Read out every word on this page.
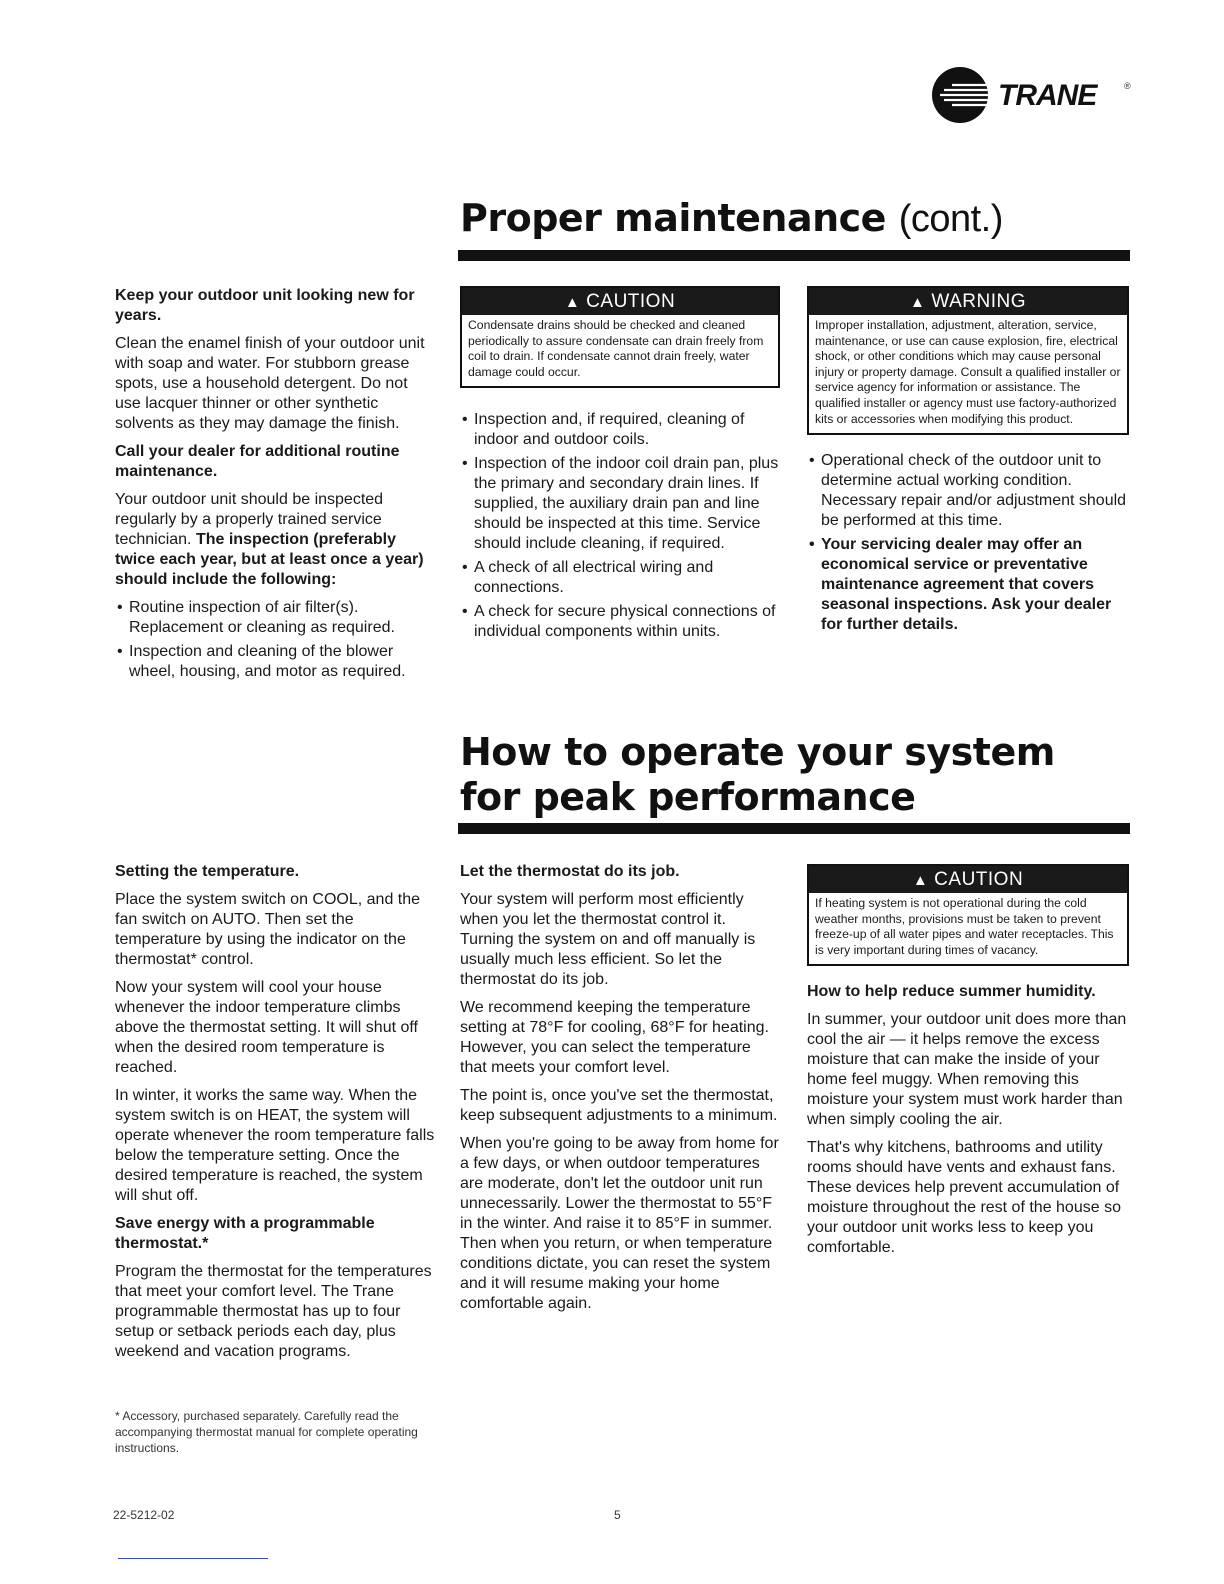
TRANE	®
Proper maintenance (cont.)
Keep your outdoor unit looking new for years.

Clean the enamel finish of your outdoor unit with soap and water. For stubborn grease spots, use a household detergent. Do not use lacquer thinner or other synthetic solvents as they may damage the finish.

Call your dealer for additional routine maintenance.

Your outdoor unit should be inspected regularly by a properly trained service technician. The inspection (preferably twice each year, but at least once a year) should include the following:

• Routine inspection of air filter(s). Replacement or cleaning as required.
• Inspection and cleaning of the blower wheel, housing, and motor as required.
▲ CAUTION
Condensate drains should be checked and cleaned periodically to assure condensate can drain freely from coil to drain. If condensate cannot drain freely, water damage could occur.
• Inspection and, if required, cleaning of indoor and outdoor coils.
• Inspection of the indoor coil drain pan, plus the primary and secondary drain lines. If supplied, the auxiliary drain pan and line should be inspected at this time. Service should include cleaning, if required.
• A check of all electrical wiring and connections.
• A check for secure physical connections of individual components within units.
▲ WARNING
Improper installation, adjustment, alteration, service, maintenance, or use can cause explosion, fire, electrical shock, or other conditions which may cause personal injury or property damage. Consult a qualified installer or service agency for information or assistance. The qualified installer or agency must use factory-authorized kits or accessories when modifying this product.
• Operational check of the outdoor unit to determine actual working condition. Necessary repair and/or adjustment should be performed at this time.
• Your servicing dealer may offer an economical service or preventative maintenance agreement that covers seasonal inspections. Ask your dealer for further details.
How to operate your system
for peak performance
Setting the temperature.

Place the system switch on COOL, and the fan switch on AUTO. Then set the temperature by using the indicator on the thermostat* control.

Now your system will cool your house whenever the indoor temperature climbs above the thermostat setting. It will shut off when the desired room temperature is reached.

In winter, it works the same way. When the system switch is on HEAT, the system will operate whenever the room temperature falls below the temperature setting. Once the desired temperature is reached, the system will shut off.

Save energy with a programmable thermostat.*

Program the thermostat for the temperatures that meet your comfort level. The Trane programmable thermostat has up to four setup or setback periods each day, plus weekend and vacation programs.

Let the thermostat do its job.

Your system will perform most efficiently when you let the thermostat control it. Turning the system on and off manually is usually much less efficient. So let the thermostat do its job.

We recommend keeping the temperature setting at 78°F for cooling, 68°F for heating. However, you can select the temperature that meets your comfort level.

The point is, once you've set the thermostat, keep subsequent adjustments to a minimum.

When you're going to be away from home for a few days, or when outdoor temperatures are moderate, don't let the outdoor unit run unnecessarily. Lower the thermostat to 55°F in the winter. And raise it to 85°F in summer. Then when you return, or when temperature conditions dictate, you can reset the system and it will resume making your home comfortable again.

▲ CAUTION
If heating system is not operational during the cold weather months, provisions must be taken to prevent freeze-up of all water pipes and water receptacles. This is very important during times of vacancy.
How to help reduce summer humidity.

In summer, your outdoor unit does more than cool the air — it helps remove the excess moisture that can make the inside of your home feel muggy. When removing this moisture your system must work harder than when simply cooling the air.

That's why kitchens, bathrooms and utility rooms should have vents and exhaust fans. These devices help prevent accumulation of moisture throughout the rest of the house so your outdoor unit works less to keep you comfortable.

* Accessory, purchased separately. Carefully read the accompanying thermostat manual for complete operating instructions.
22-5212-02	5
